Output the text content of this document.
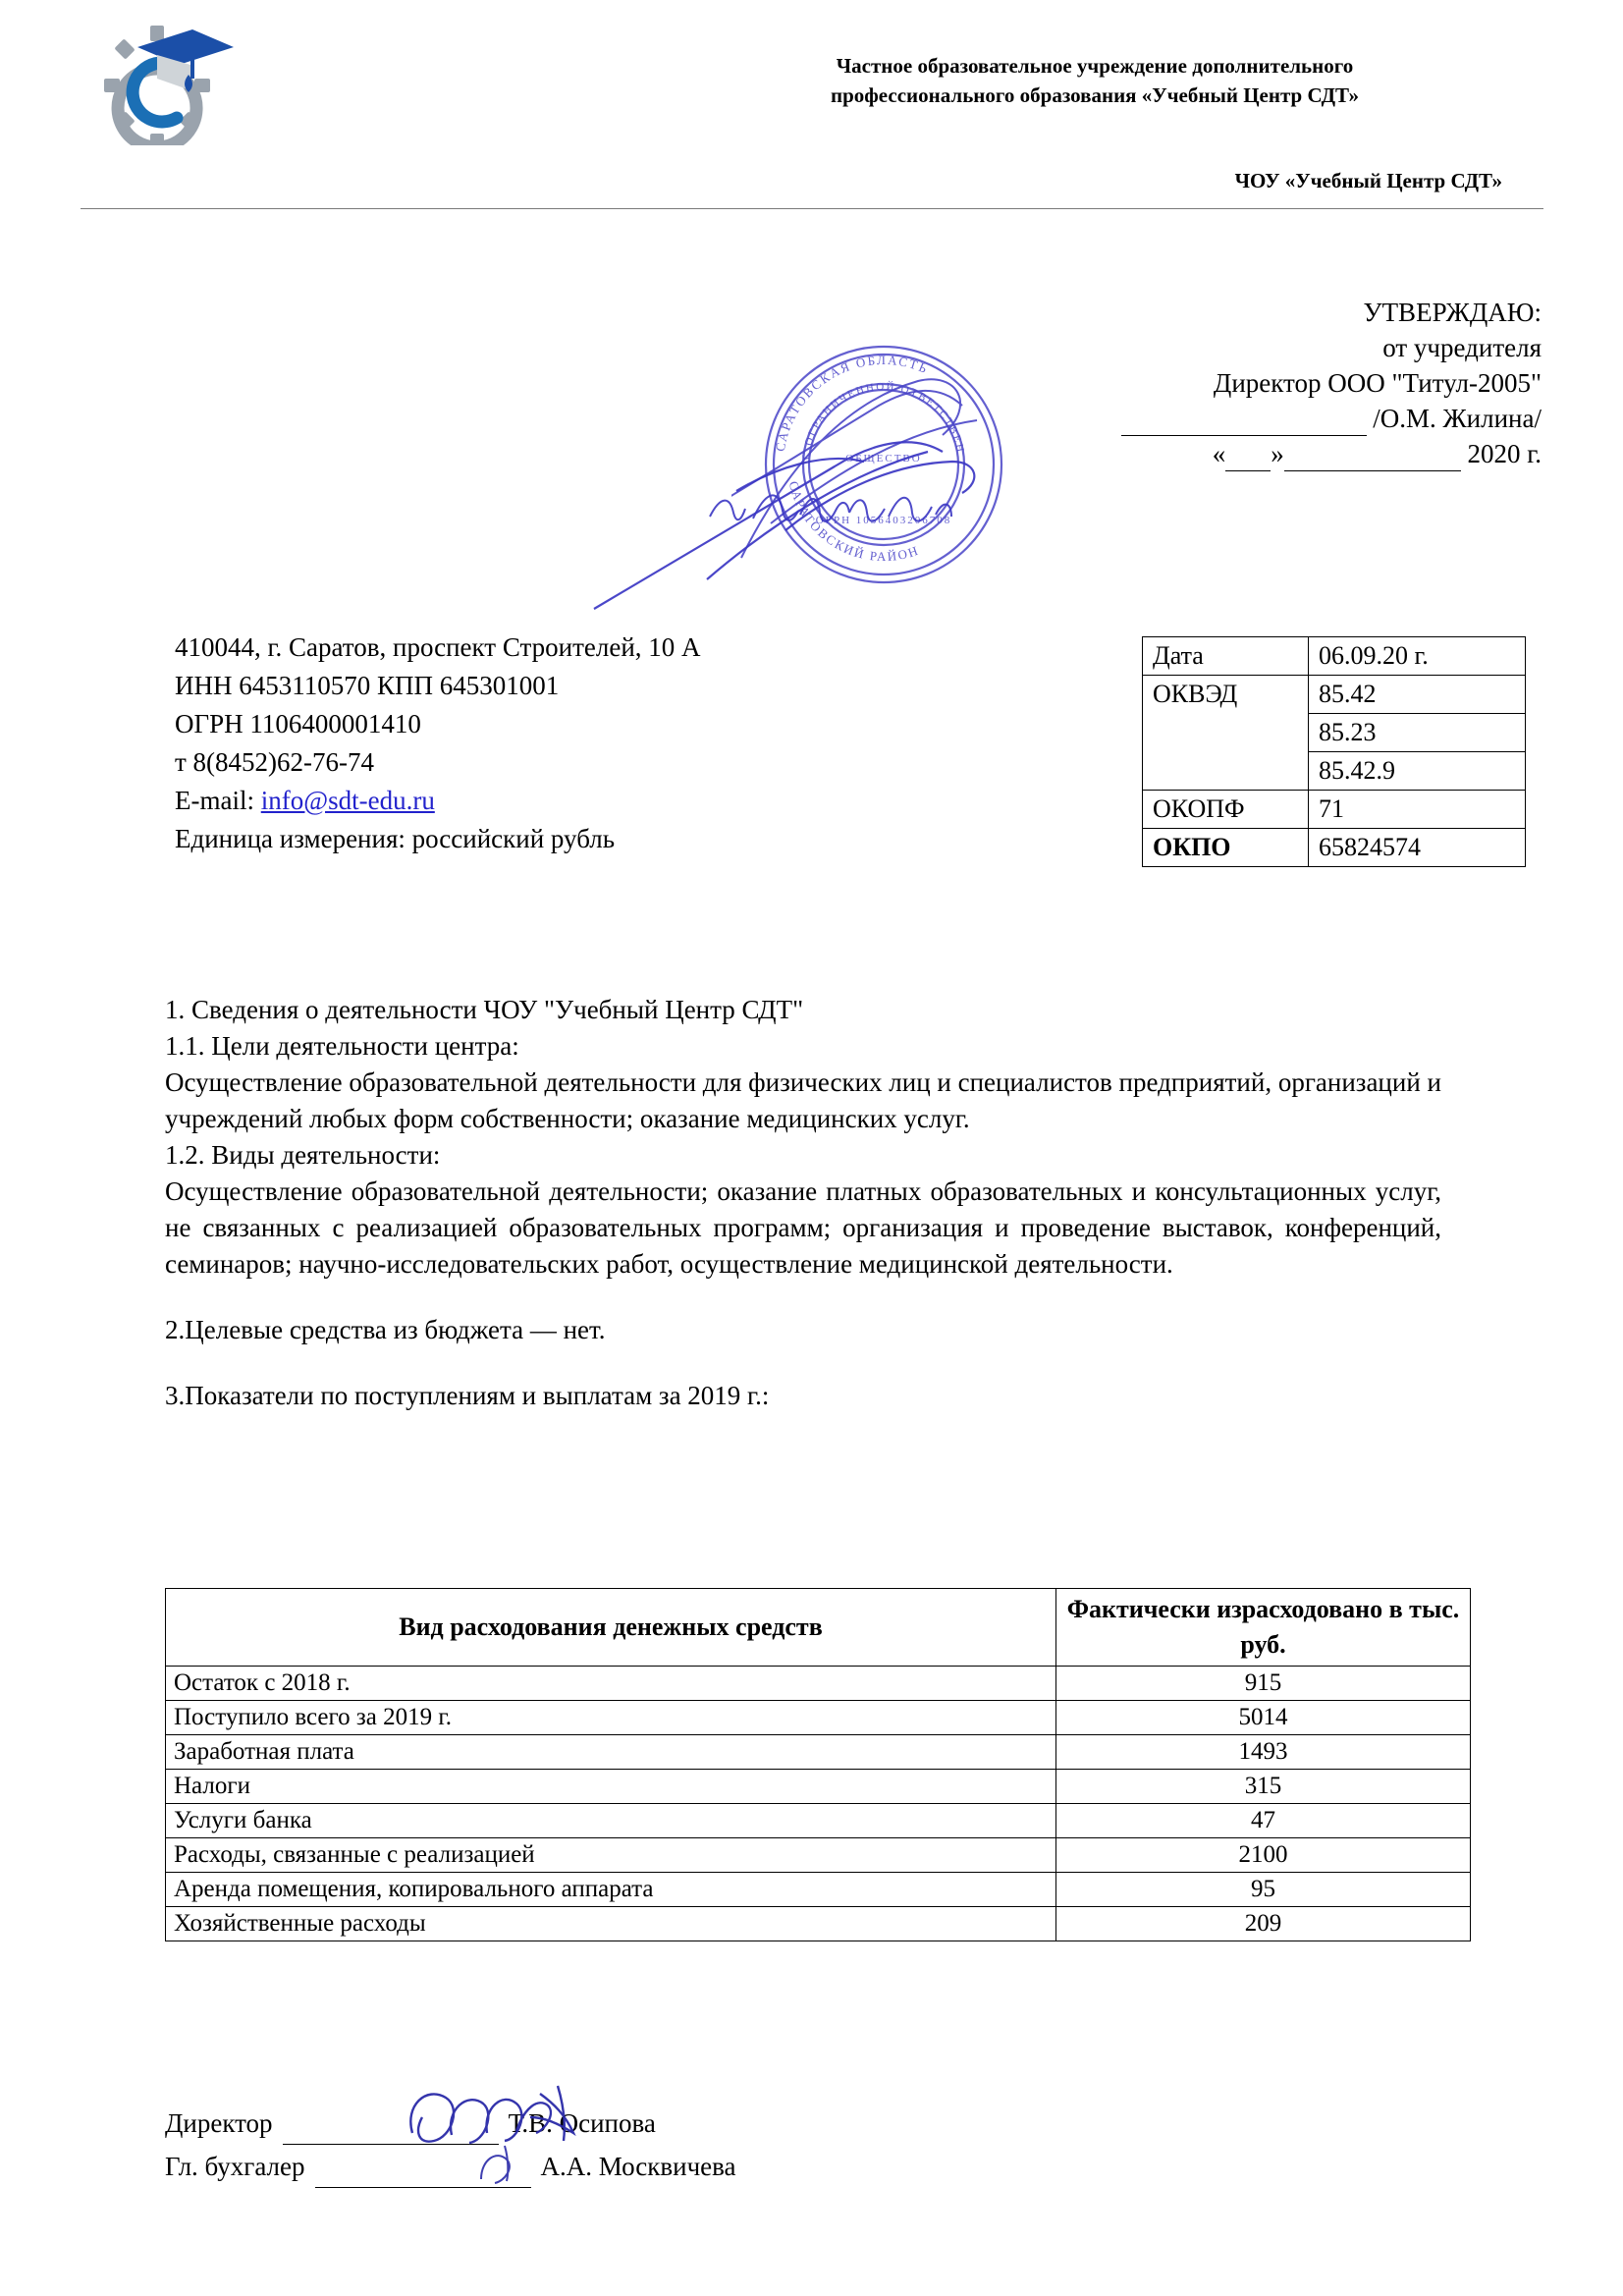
Частное образовательное учреждение дополнительного
профессионального образования «Учебный Центр СДТ»
ЧОУ «Учебный Центр СДТ»
УТВЕРЖДАЮ:
от учредителя
Директор ООО "Титул-2005"
/О.М. Жилина/
« »	2020 г.
САРАТОВСКАЯ ОБЛАСТЬ
САРАТОВСКИЙ РАЙОН
С ОГРАНИЧЕННОЙ ОТВЕТСТВЕН
ОГРН 1056403206708
ОБЩЕСТВО
410044, г. Саратов, проспект Строителей, 10 А
ИНН 6453110570 КПП 645301001
ОГРН 1106400001410
т 8(8452)62-76-74
E-mail: info@sdt-edu.ru
Единица измерения: российский рубль
Дата	06.09.20 г.
ОКВЭД	85.42
	85.23
	85.42.9
ОКОПФ	71
ОКПО	65824574

1. Сведения о деятельности ЧОУ "Учебный Центр СДТ"

1.1. Цели деятельности центра:

Осуществление образовательной деятельности для физических лиц и специалистов предприятий, организаций и учреждений любых форм собственности; оказание медицинских услуг.

1.2. Виды деятельности:

Осуществление образовательной деятельности; оказание платных образовательных и консультационных услуг, не связанных с реализацией образовательных программ; организация и проведение выставок, конференций, семинаров; научно-исследовательских работ, осуществление медицинской деятельности.

2.Целевые средства из бюджета — нет.

3.Показатели по поступлениям и выплатам за 2019 г.:

Вид расходования денежных средств	Фактически израсходовано в тыс. руб.
Остаток с 2018 г.	915
Поступило всего за 2019 г.	5014
Заработная плата	1493
Налоги	315
Услуги банка	47
Расходы, связанные с реализацией	2100
Аренда помещения, копировального аппарата	95
Хозяйственные расходы	209
Директор	Т.В. Осипова
Гл. бухгалер	А.А. Москвичева
